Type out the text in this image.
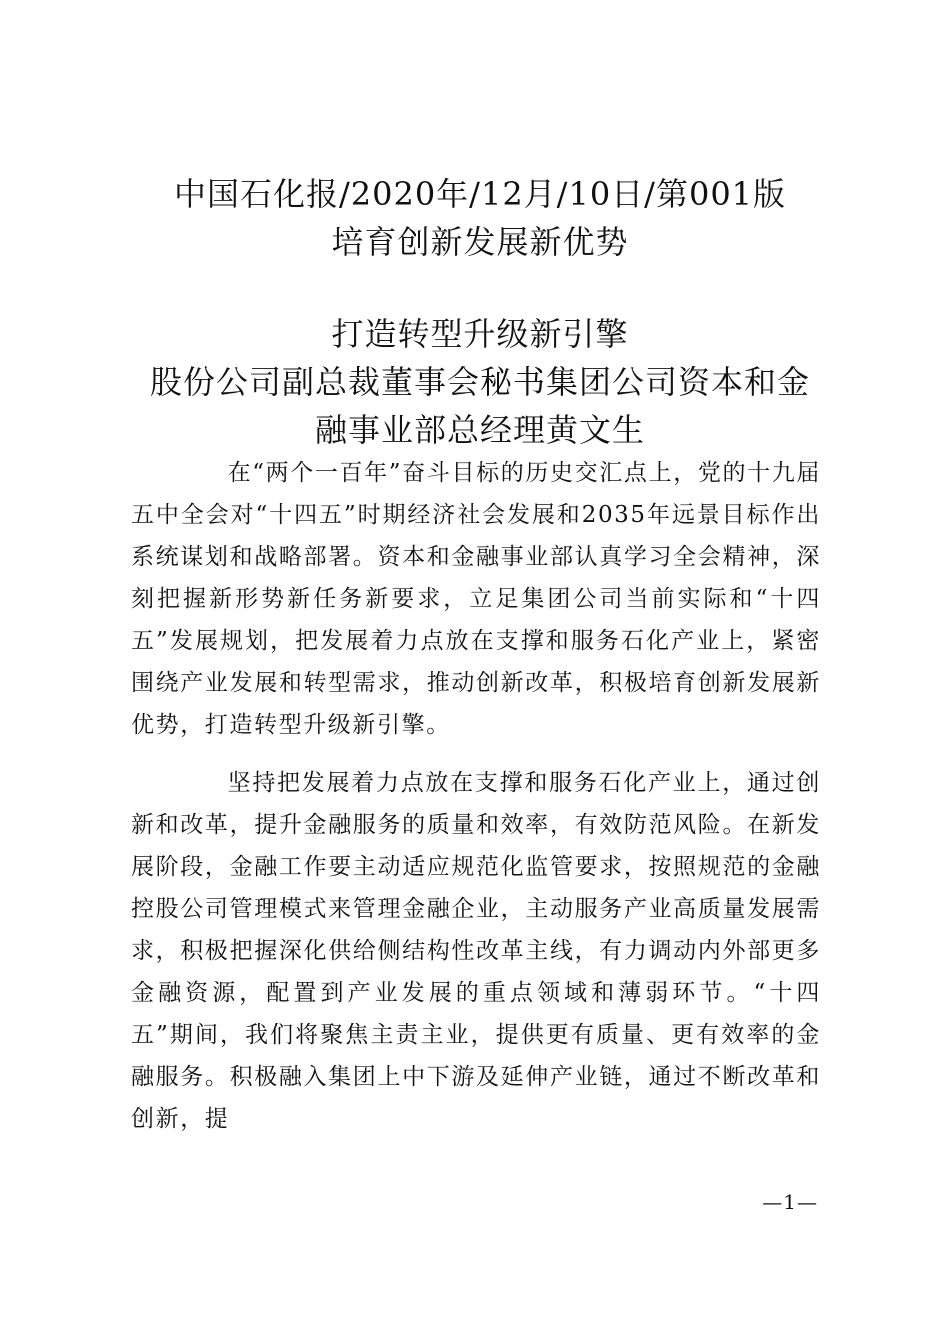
中国石化报/2020年/12月/10日/第001版
培育创新发展新优势
打造转型升级新引擎
股份公司副总裁董事会秘书集团公司资本和金
融事业部总经理黄文生

在“两个一百年”奋斗目标的历史交汇点上，党的十九届五中全会对“十四五”时期经济社会发展和2035年远景目标作出系统谋划和战略部署。资本和金融事业部认真学习全会精神，深刻把握新形势新任务新要求，立足集团公司当前实际和“十四五”发展规划，把发展着力点放在支撑和服务石化产业上，紧密围绕产业发展和转型需求，推动创新改革，积极培育创新发展新优势，打造转型升级新引擎。

坚持把发展着力点放在支撑和服务石化产业上，通过创新和改革，提升金融服务的质量和效率，有效防范风险。在新发展阶段，金融工作要主动适应规范化监管要求，按照规范的金融控股公司管理模式来管理金融企业，主动服务产业高质量发展需求，积极把握深化供给侧结构性改革主线，有力调动内外部更多金融资源，配置到产业发展的重点领域和薄弱环节。“十四五”期间，我们将聚焦主责主业，提供更有质量、更有效率的金融服务。积极融入集团上中下游及延伸产业链，通过不断改革和创新，提

—1—
